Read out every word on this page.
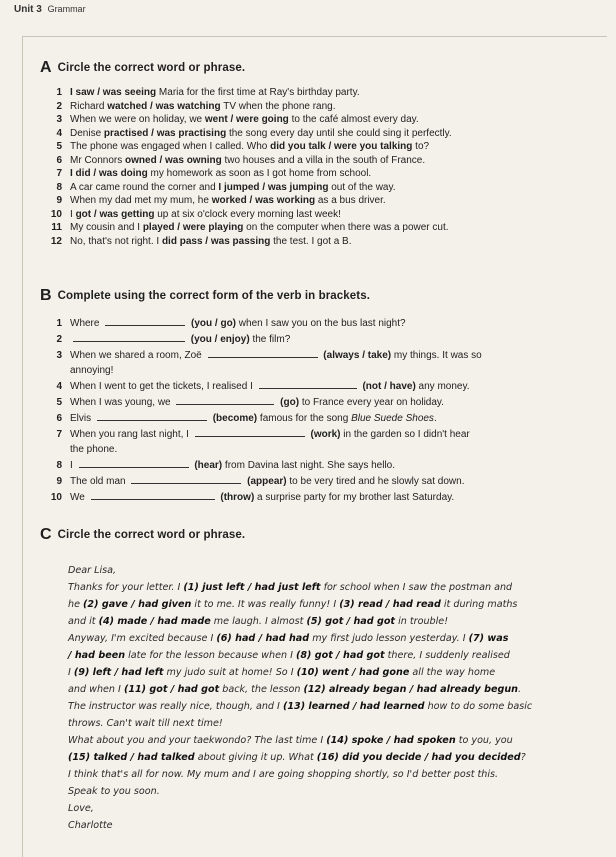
Unit 3 Grammar
A Circle the correct word or phrase.
1 I saw / was seeing Maria for the first time at Ray's birthday party.
2 Richard watched / was watching TV when the phone rang.
3 When we were on holiday, we went / were going to the café almost every day.
4 Denise practised / was practising the song every day until she could sing it perfectly.
5 The phone was engaged when I called. Who did you talk / were you talking to?
6 Mr Connors owned / was owning two houses and a villa in the south of France.
7 I did / was doing my homework as soon as I got home from school.
8 A car came round the corner and I jumped / was jumping out of the way.
9 When my dad met my mum, he worked / was working as a bus driver.
10 I got / was getting up at six o'clock every morning last week!
11 My cousin and I played / were playing on the computer when there was a power cut.
12 No, that's not right. I did pass / was passing the test. I got a B.
B Complete using the correct form of the verb in brackets.
1 Where	(you / go) when I saw you on the bus last night?
2	(you / enjoy) the film?
3 When we shared a room, Zoë	(always / take) my things. It was so
annoying!
4 When I went to get the tickets, I realised I	(not / have) any money.
5 When I was young, we	(go) to France every year on holiday.
6 Elvis	(become) famous for the song Blue Suede Shoes.
7 When you rang last night, I	(work) in the garden so I didn't hear
the phone.
8 I	(hear) from Davina last night. She says hello.
9 The old man	(appear) to be very tired and he slowly sat down.
10 We	(throw) a surprise party for my brother last Saturday.
C Circle the correct word or phrase.

Dear Lisa,

Thanks for your letter. I (1) just left / had just left for school when I saw the postman and

he (2) gave / had given it to me. It was really funny! I (3) read / had read it during maths

and it (4) made / had made me laugh. I almost (5) got / had got in trouble!

Anyway, I'm excited because I (6) had / had had my first judo lesson yesterday. I (7) was

/ had been late for the lesson because when I (8) got / had got there, I suddenly realised

I (9) left / had left my judo suit at home! So I (10) went / had gone all the way home

and when I (11) got / had got back, the lesson (12) already began / had already begun.

The instructor was really nice, though, and I (13) learned / had learned how to do some basic

throws. Can't wait till next time!

What about you and your taekwondo? The last time I (14) spoke / had spoken to you, you

(15) talked / had talked about giving it up. What (16) did you decide / had you decided?

I think that's all for now. My mum and I are going shopping shortly, so I'd better post this.

Speak to you soon.

Love,

Charlotte
